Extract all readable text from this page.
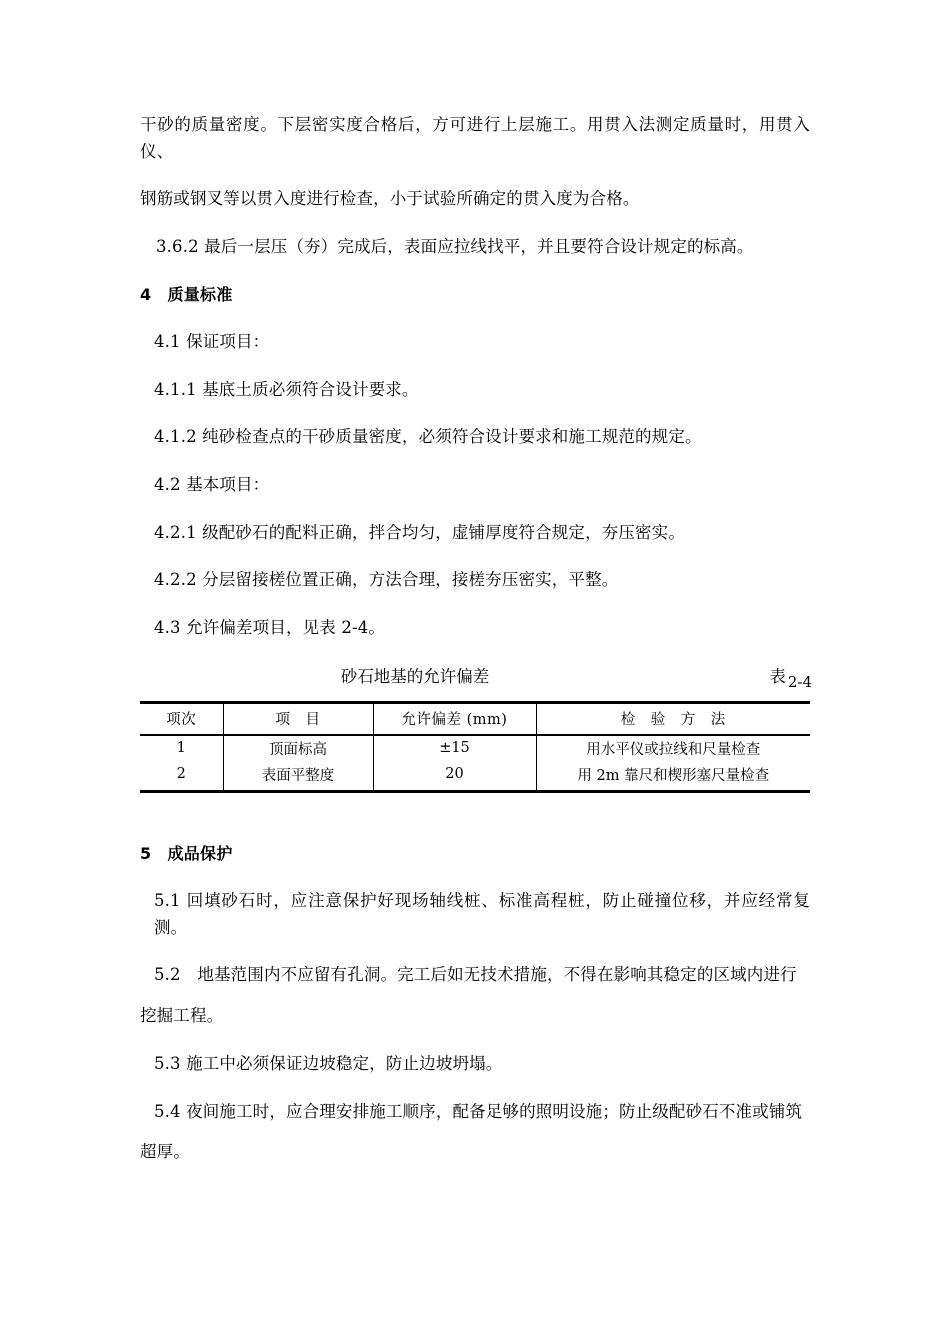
干砂的质量密度。下层密实度合格后，方可进行上层施工。用贯入法测定质量时，用贯入仪、

钢筋或钢叉等以贯入度进行检查，小于试验所确定的贯入度为合格。

3.6.2 最后一层压（夯）完成后，表面应拉线找平，并且要符合设计规定的标高。

4 质量标准

4.1 保证项目：

4.1.1 基底土质必须符合设计要求。

4.1.2 纯砂检查点的干砂质量密度，必须符合设计要求和施工规范的规定。

4.2 基本项目：

4.2.1 级配砂石的配料正确，拌合均匀，虚铺厚度符合规定，夯压密实。

4.2.2 分层留接槎位置正确，方法合理，接槎夯压密实，平整。

4.3 允许偏差项目，见表 2-4。

砂石地基的允许偏差	表 2-4
项次	项　目	允许偏差 (mm)	检　验　方　法
1	顶面标高	±15	用水平仪或拉线和尺量检查
2	表面平整度	20	用 2m 靠尺和楔形塞尺量检查

5 成品保护

5.1 回填砂石时，应注意保护好现场轴线桩、标准高程桩，防止碰撞位移，并应经常复测。

5.2　地基范围内不应留有孔洞。完工后如无技术措施，不得在影响其稳定的区域内进行

挖掘工程。

5.3 施工中必须保证边坡稳定，防止边坡坍塌。

5.4 夜间施工时，应合理安排施工顺序，配备足够的照明设施；防止级配砂石不准或铺筑

超厚。
